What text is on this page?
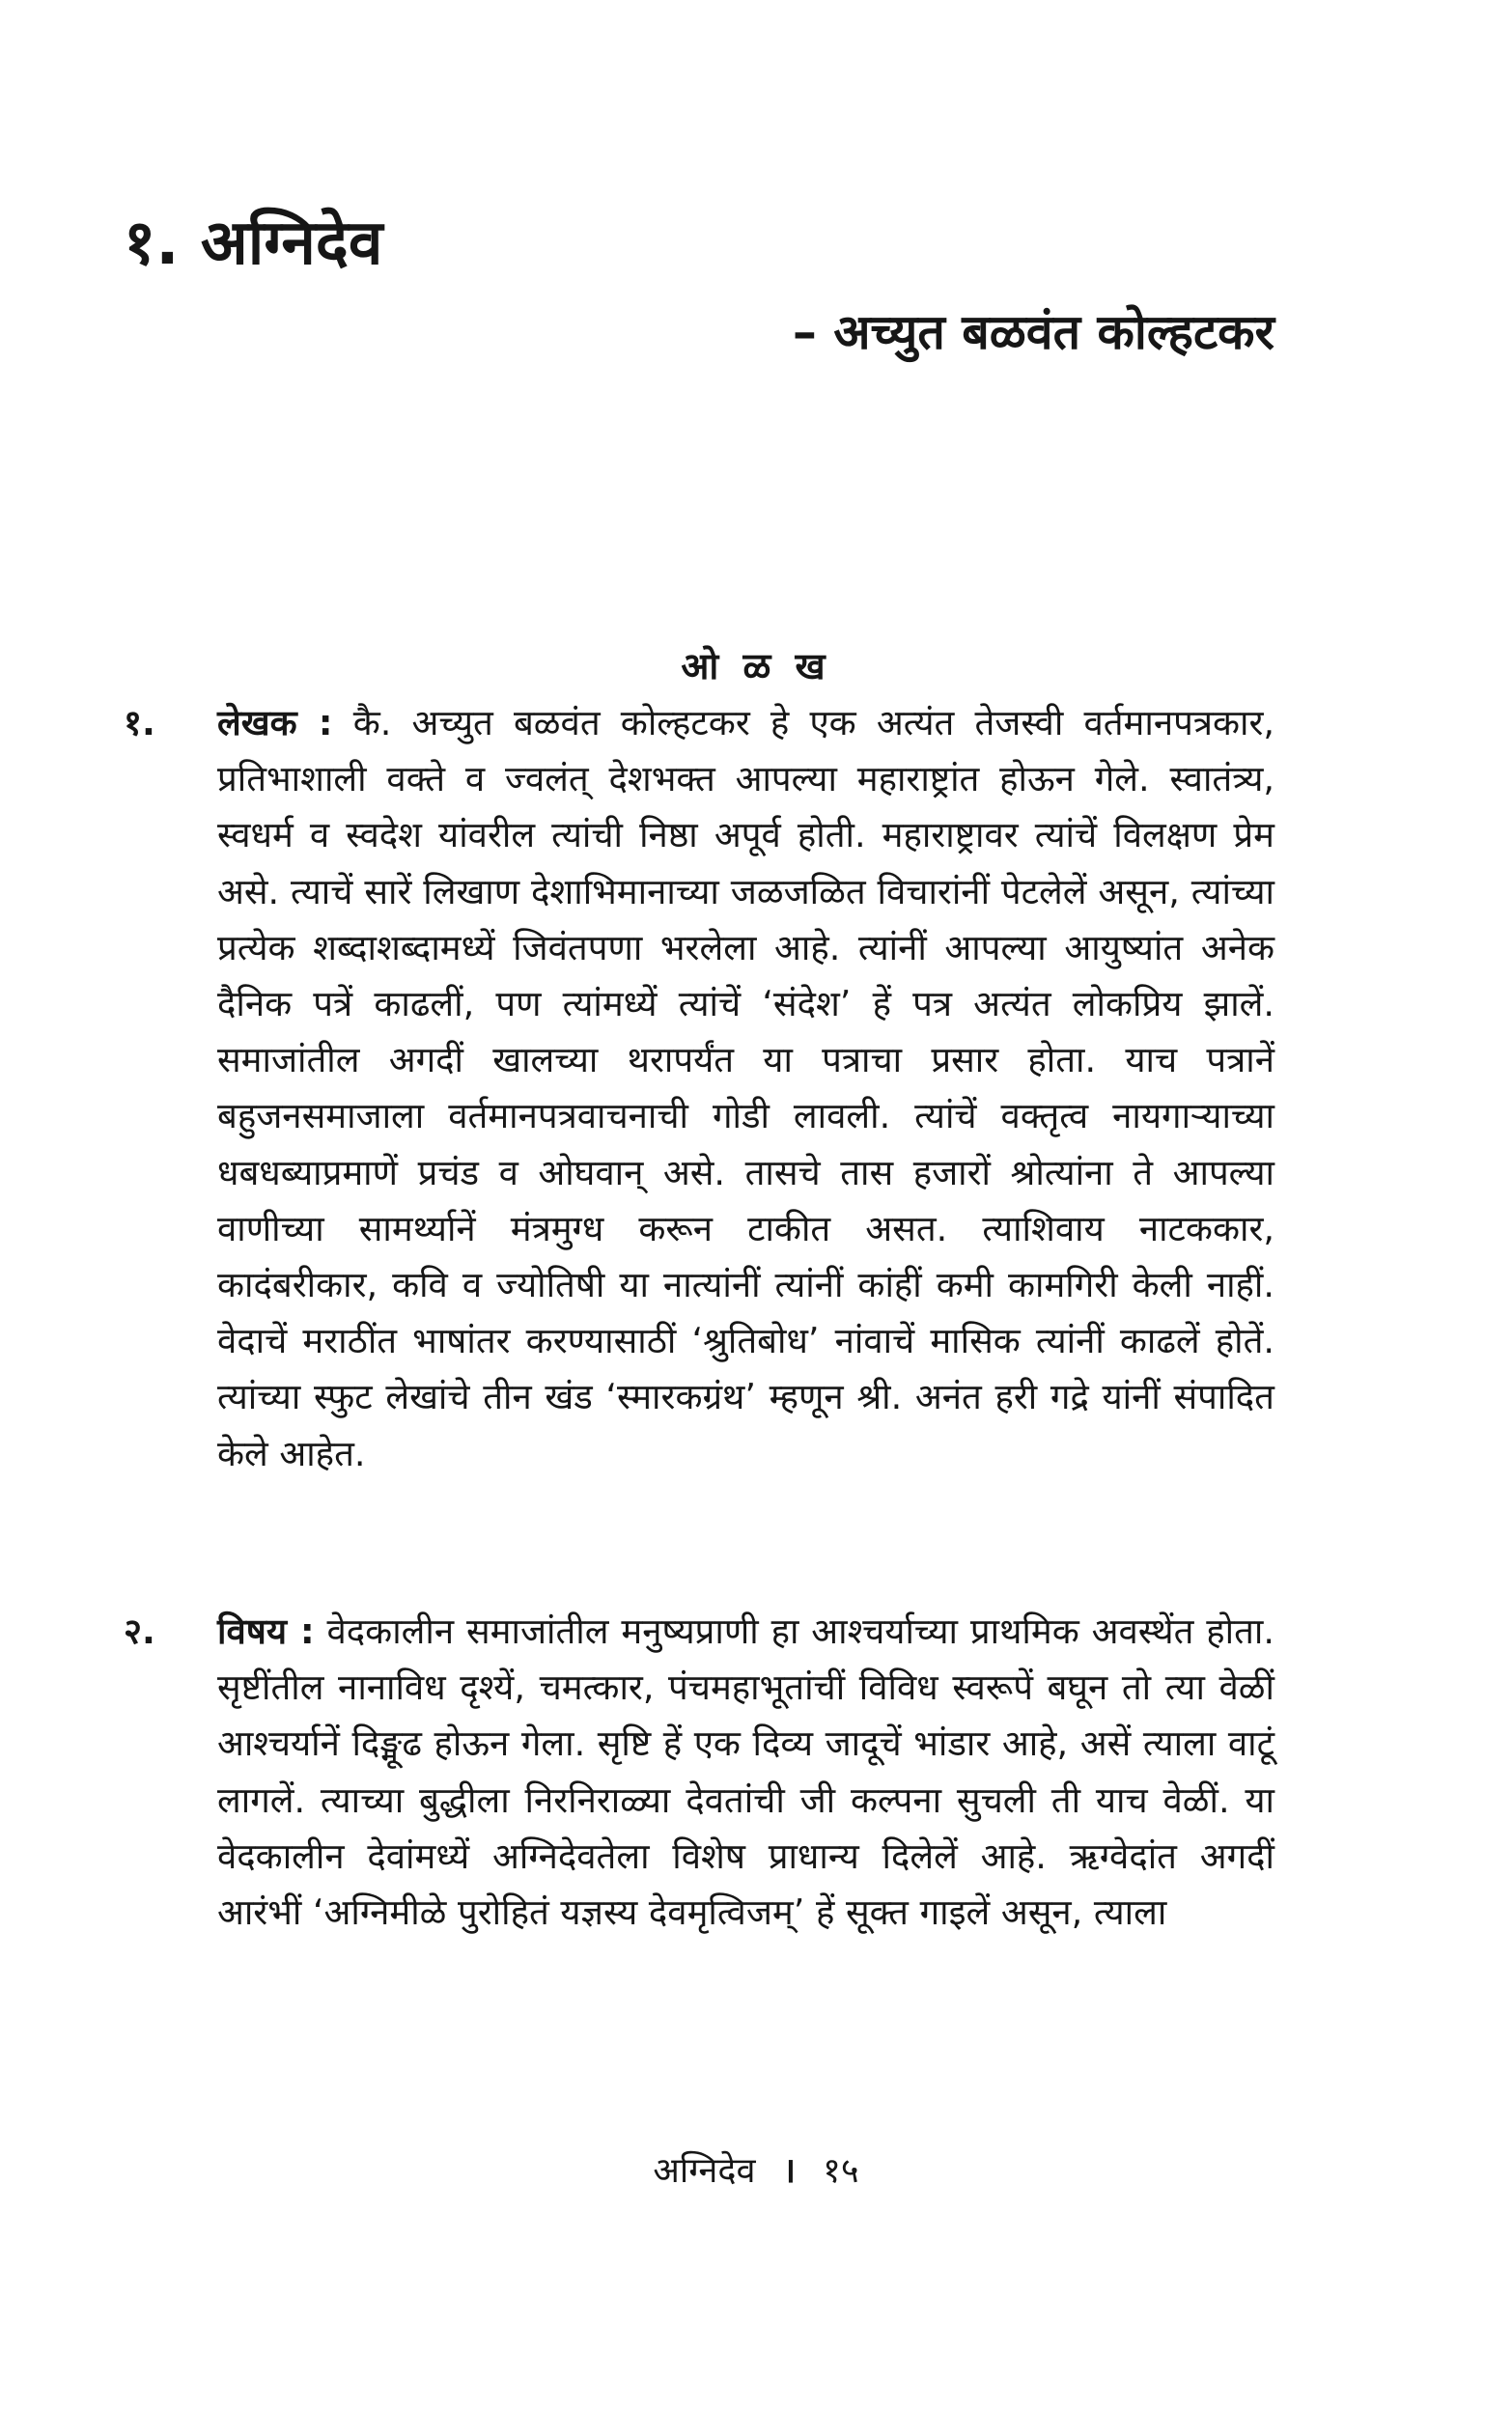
१. अग्निदेव
– अच्युत बळवंत कोल्हटकर
ओ ळ ख
१.	लेखक : कै. अच्युत बळवंत कोल्हटकर हे एक अत्यंत तेजस्वी वर्तमानपत्रकार, प्रतिभाशाली वक्ते व ज्वलंत् देशभक्त आपल्या महाराष्ट्रांत होऊन गेले. स्वातंत्र्य, स्वधर्म व स्वदेश यांवरील त्यांची निष्ठा अपूर्व होती. महाराष्ट्रावर त्यांचें विलक्षण प्रेम असे. त्याचें सारें लिखाण देशाभिमानाच्या जळजळित विचारांनीं पेटलेलें असून, त्यांच्या प्रत्येक शब्दाशब्दामध्यें जिवंतपणा भरलेला आहे. त्यांनीं आपल्या आयुष्यांत अनेक दैनिक पत्रें काढलीं, पण त्यांमध्यें त्यांचें ‘संदेश’ हें पत्र अत्यंत लोकप्रिय झालें. समाजांतील अगदीं खालच्या थरापर्यंत या पत्राचा प्रसार होता. याच पत्रानें बहुजनसमाजाला वर्तमानपत्रवाचनाची गोडी लावली. त्यांचें वक्तृत्व नायगाऱ्याच्या धबधब्याप्रमाणें प्रचंड व ओघवान् असे. तासचे तास हजारों श्रोत्यांना ते आपल्या वाणीच्या सामर्थ्यानें मंत्रमुग्ध करून टाकीत असत. त्याशिवाय नाटककार, कादंबरीकार, कवि व ज्योतिषी या नात्यांनीं त्यांनीं कांहीं कमी कामगिरी केली नाहीं. वेदाचें मराठींत भाषांतर करण्यासाठीं ‘श्रुतिबोध’ नांवाचें मासिक त्यांनीं काढलें होतें. त्यांच्या स्फुट लेखांचे तीन खंड ‘स्मारकग्रंथ’ म्हणून श्री. अनंत हरी गद्रे यांनीं संपादित केले आहेत.
२.	विषय : वेदकालीन समाजांतील मनुष्यप्राणी हा आश्चर्याच्या प्राथमिक अवस्थेंत होता. सृष्टींतील नानाविध दृश्यें, चमत्कार, पंचमहाभूतांचीं विविध स्वरूपें बघून तो त्या वेळीं आश्चर्यानें दिङ्मूढ होऊन गेला. सृष्टि हें एक दिव्य जादूचें भांडार आहे, असें त्याला वाटूं लागलें. त्याच्या बुद्धीला निरनिराळ्या देवतांची जी कल्पना सुचली ती याच वेळीं. या वेदकालीन देवांमध्यें अग्निदेवतेला विशेष प्राधान्य दिलेलें आहे. ऋग्वेदांत अगदीं आरंभीं ‘अग्निमीळे पुरोहितं यज्ञस्य देवमृत्विजम्’ हें सूक्त गाइलें असून, त्याला
अग्निदेव । १५
